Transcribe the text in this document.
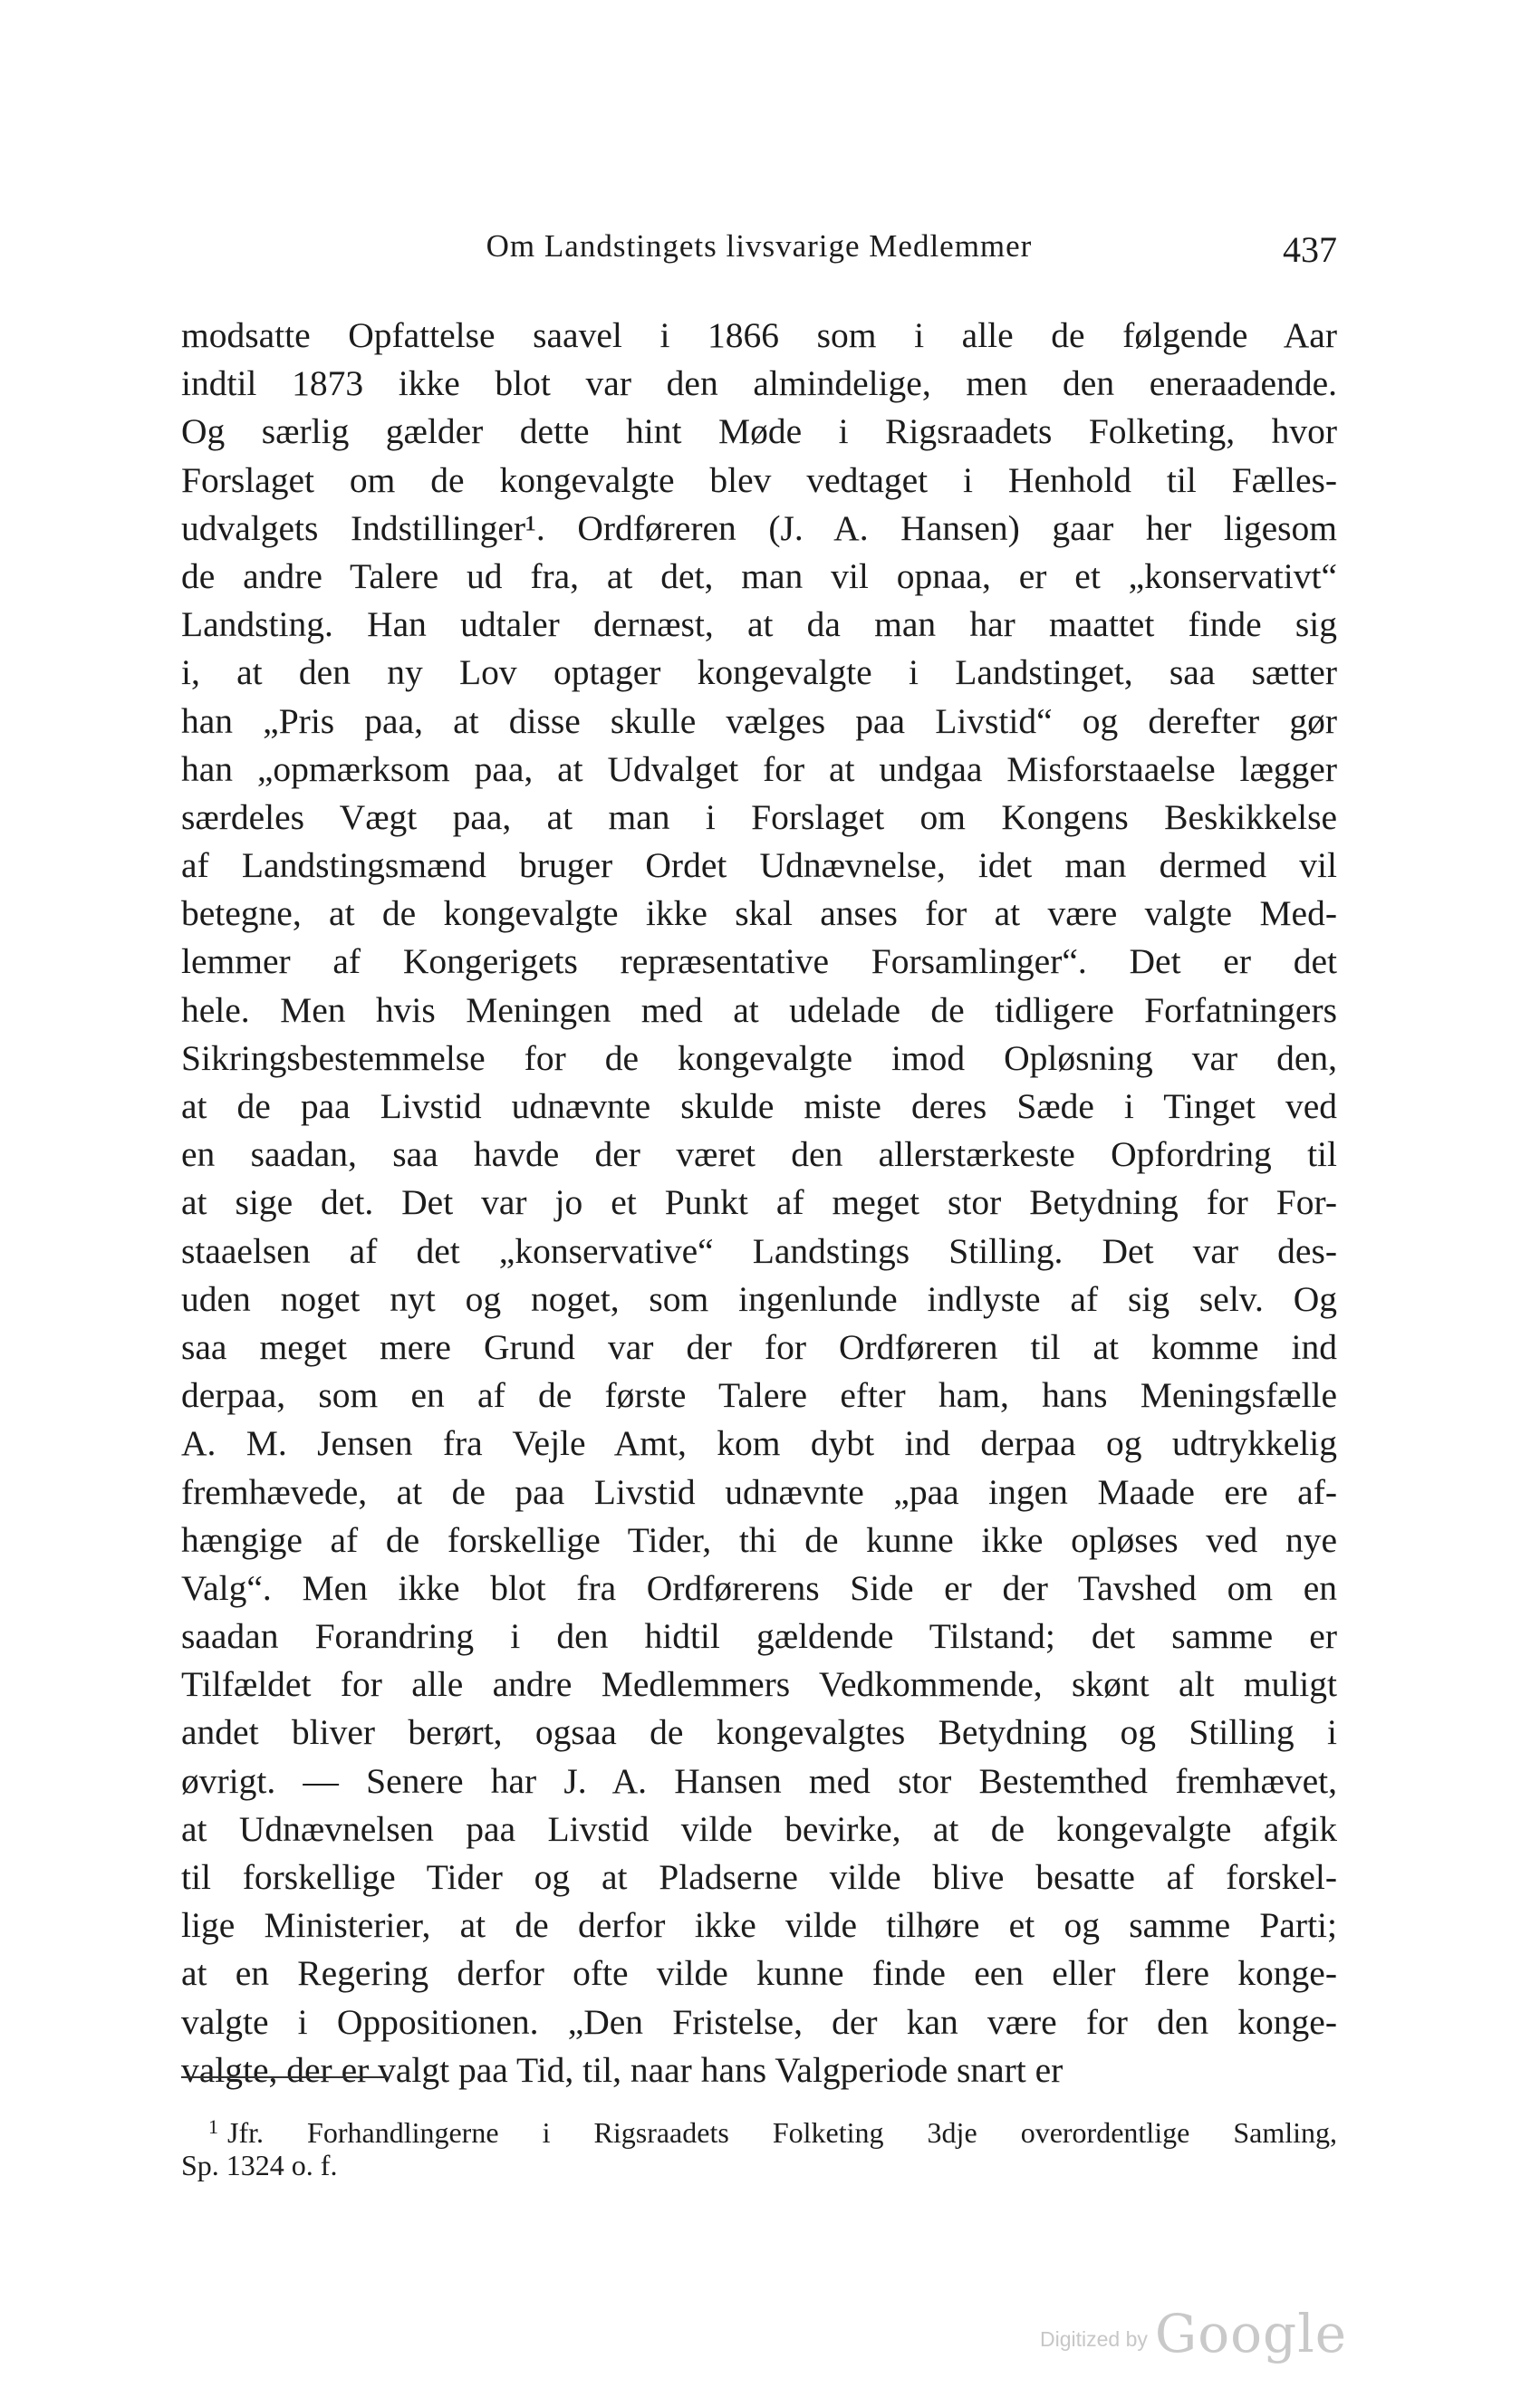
Om Landstingets livsvarige Medlemmer	437
modsatte Opfattelse saavel i 1866 som i alle de følgende Aar
indtil 1873 ikke blot var den almindelige, men den eneraadende.
Og særlig gælder dette hint Møde i Rigsraadets Folketing, hvor
Forslaget om de kongevalgte blev vedtaget i Henhold til Fælles-
udvalgets Indstillinger¹. Ordføreren (J. A. Hansen) gaar her ligesom
de andre Talere ud fra, at det, man vil opnaa, er et „konservativt“
Landsting. Han udtaler dernæst, at da man har maattet finde sig
i, at den ny Lov optager kongevalgte i Landstinget, saa sætter
han „Pris paa, at disse skulle vælges paa Livstid“ og derefter gør
han „opmærksom paa, at Udvalget for at undgaa Misforstaaelse lægger
særdeles Vægt paa, at man i Forslaget om Kongens Beskikkelse
af Landstingsmænd bruger Ordet Udnævnelse, idet man dermed vil
betegne, at de kongevalgte ikke skal anses for at være valgte Med-
lemmer af Kongerigets repræsentative Forsamlinger“. Det er det
hele. Men hvis Meningen med at udelade de tidligere Forfatningers
Sikringsbestemmelse for de kongevalgte imod Opløsning var den,
at de paa Livstid udnævnte skulde miste deres Sæde i Tinget ved
en saadan, saa havde der været den allerstærkeste Opfordring til
at sige det. Det var jo et Punkt af meget stor Betydning for For-
staaelsen af det „konservative“ Landstings Stilling. Det var des-
uden noget nyt og noget, som ingenlunde indlyste af sig selv. Og
saa meget mere Grund var der for Ordføreren til at komme ind
derpaa, som en af de første Talere efter ham, hans Meningsfælle
A. M. Jensen fra Vejle Amt, kom dybt ind derpaa og udtrykkelig
fremhævede, at de paa Livstid udnævnte „paa ingen Maade ere af-
hængige af de forskellige Tider, thi de kunne ikke opløses ved nye
Valg“. Men ikke blot fra Ordførerens Side er der Tavshed om en
saadan Forandring i den hidtil gældende Tilstand; det samme er
Tilfældet for alle andre Medlemmers Vedkommende, skønt alt muligt
andet bliver berørt, ogsaa de kongevalgtes Betydning og Stilling i
øvrigt. — Senere har J. A. Hansen med stor Bestemthed fremhævet,
at Udnævnelsen paa Livstid vilde bevirke, at de kongevalgte afgik
til forskellige Tider og at Pladserne vilde blive besatte af forskel-
lige Ministerier, at de derfor ikke vilde tilhøre et og samme Parti;
at en Regering derfor ofte vilde kunne finde een eller flere konge-
valgte i Oppositionen. „Den Fristelse, der kan være for den konge-
valgte, der er valgt paa Tid, til, naar hans Valgperiode snart er
1 Jfr. Forhandlingerne i Rigsraadets Folketing 3dje overordentlige Samling,
Sp. 1324 o. f.
Digitized by Google
